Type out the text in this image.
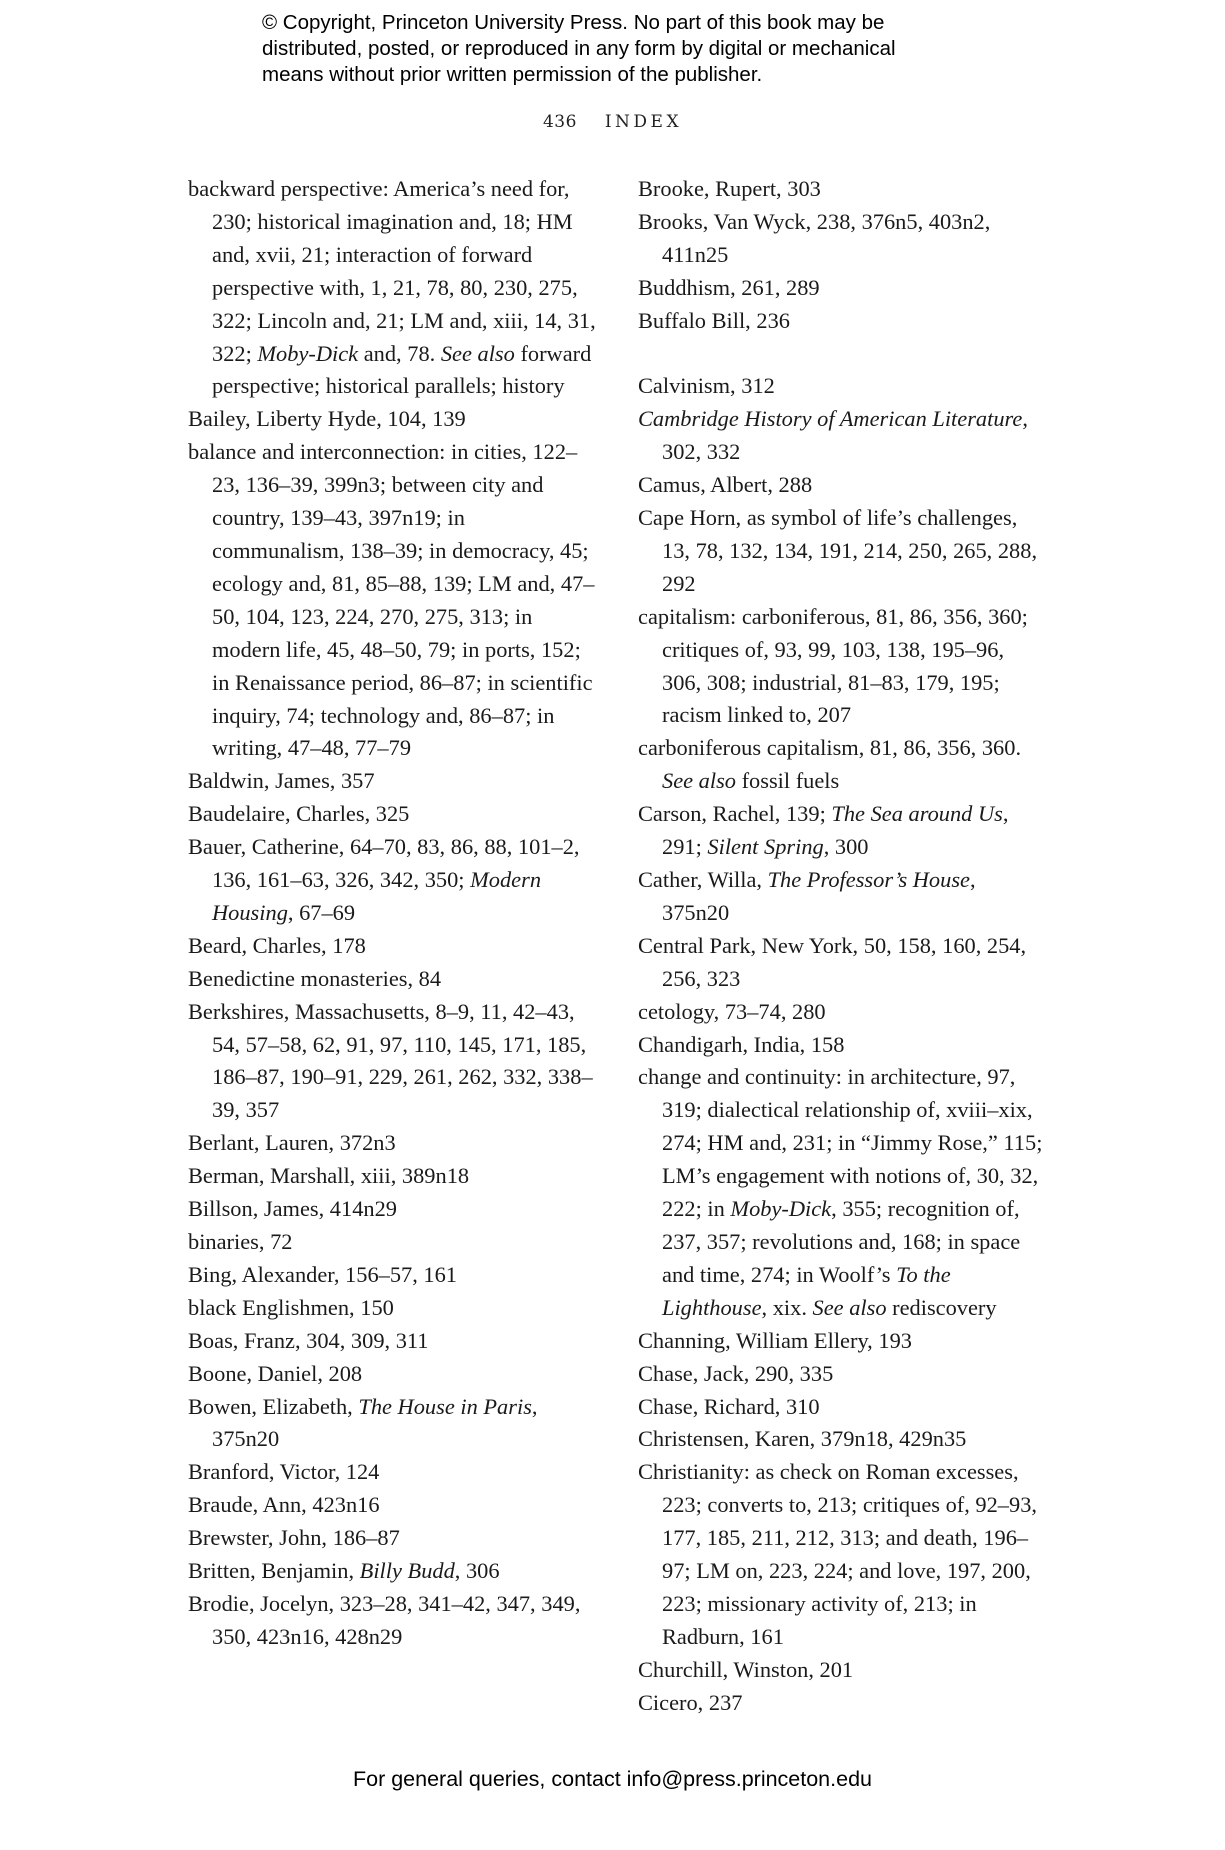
© Copyright, Princeton University Press. No part of this book may be
distributed, posted, or reproduced in any form by digital or mechanical
means without prior written permission of the publisher.
436 INDEX
backward perspective: America’s need for, 230; historical imagination and, 18; HM and, xvii, 21; interaction of forward perspective with, 1, 21, 78, 80, 230, 275, 322; Lincoln and, 21; LM and, xiii, 14, 31, 322; Moby-Dick and, 78. See also forward perspective; historical parallels; history
Bailey, Liberty Hyde, 104, 139
balance and interconnection: in cities, 122–23, 136–39, 399n3; between city and country, 139–43, 397n19; in communalism, 138–39; in democracy, 45; ecology and, 81, 85–88, 139; LM and, 47–50, 104, 123, 224, 270, 275, 313; in modern life, 45, 48–50, 79; in ports, 152; in Renaissance period, 86–87; in scientific inquiry, 74; technology and, 86–87; in writing, 47–48, 77–79
Baldwin, James, 357
Baudelaire, Charles, 325
Bauer, Catherine, 64–70, 83, 86, 88, 101–2, 136, 161–63, 326, 342, 350; Modern Housing, 67–69
Beard, Charles, 178
Benedictine monasteries, 84
Berkshires, Massachusetts, 8–9, 11, 42–43, 54, 57–58, 62, 91, 97, 110, 145, 171, 185, 186–87, 190–91, 229, 261, 262, 332, 338–39, 357
Berlant, Lauren, 372n3
Berman, Marshall, xiii, 389n18
Billson, James, 414n29
binaries, 72
Bing, Alexander, 156–57, 161
black Englishmen, 150
Boas, Franz, 304, 309, 311
Boone, Daniel, 208
Bowen, Elizabeth, The House in Paris, 375n20
Branford, Victor, 124
Braude, Ann, 423n16
Brewster, John, 186–87
Britten, Benjamin, Billy Budd, 306
Brodie, Jocelyn, 323–28, 341–42, 347, 349, 350, 423n16, 428n29
Brooke, Rupert, 303
Brooks, Van Wyck, 238, 376n5, 403n2, 411n25
Buddhism, 261, 289
Buffalo Bill, 236
Calvinism, 312
Cambridge History of American Literature, 302, 332
Camus, Albert, 288
Cape Horn, as symbol of life’s challenges, 13, 78, 132, 134, 191, 214, 250, 265, 288, 292
capitalism: carboniferous, 81, 86, 356, 360; critiques of, 93, 99, 103, 138, 195–96, 306, 308; industrial, 81–83, 179, 195; racism linked to, 207
carboniferous capitalism, 81, 86, 356, 360. See also fossil fuels
Carson, Rachel, 139; The Sea around Us, 291; Silent Spring, 300
Cather, Willa, The Professor’s House, 375n20
Central Park, New York, 50, 158, 160, 254, 256, 323
cetology, 73–74, 280
Chandigarh, India, 158
change and continuity: in architecture, 97, 319; dialectical relationship of, xviii–xix, 274; HM and, 231; in “Jimmy Rose,” 115; LM’s engagement with notions of, 30, 32, 222; in Moby-Dick, 355; recognition of, 237, 357; revolutions and, 168; in space and time, 274; in Woolf’s To the Lighthouse, xix. See also rediscovery
Channing, William Ellery, 193
Chase, Jack, 290, 335
Chase, Richard, 310
Christensen, Karen, 379n18, 429n35
Christianity: as check on Roman excesses, 223; converts to, 213; critiques of, 92–93, 177, 185, 211, 212, 313; and death, 196–97; LM on, 223, 224; and love, 197, 200, 223; missionary activity of, 213; in Radburn, 161
Churchill, Winston, 201
Cicero, 237
For general queries, contact info@press.princeton.edu
